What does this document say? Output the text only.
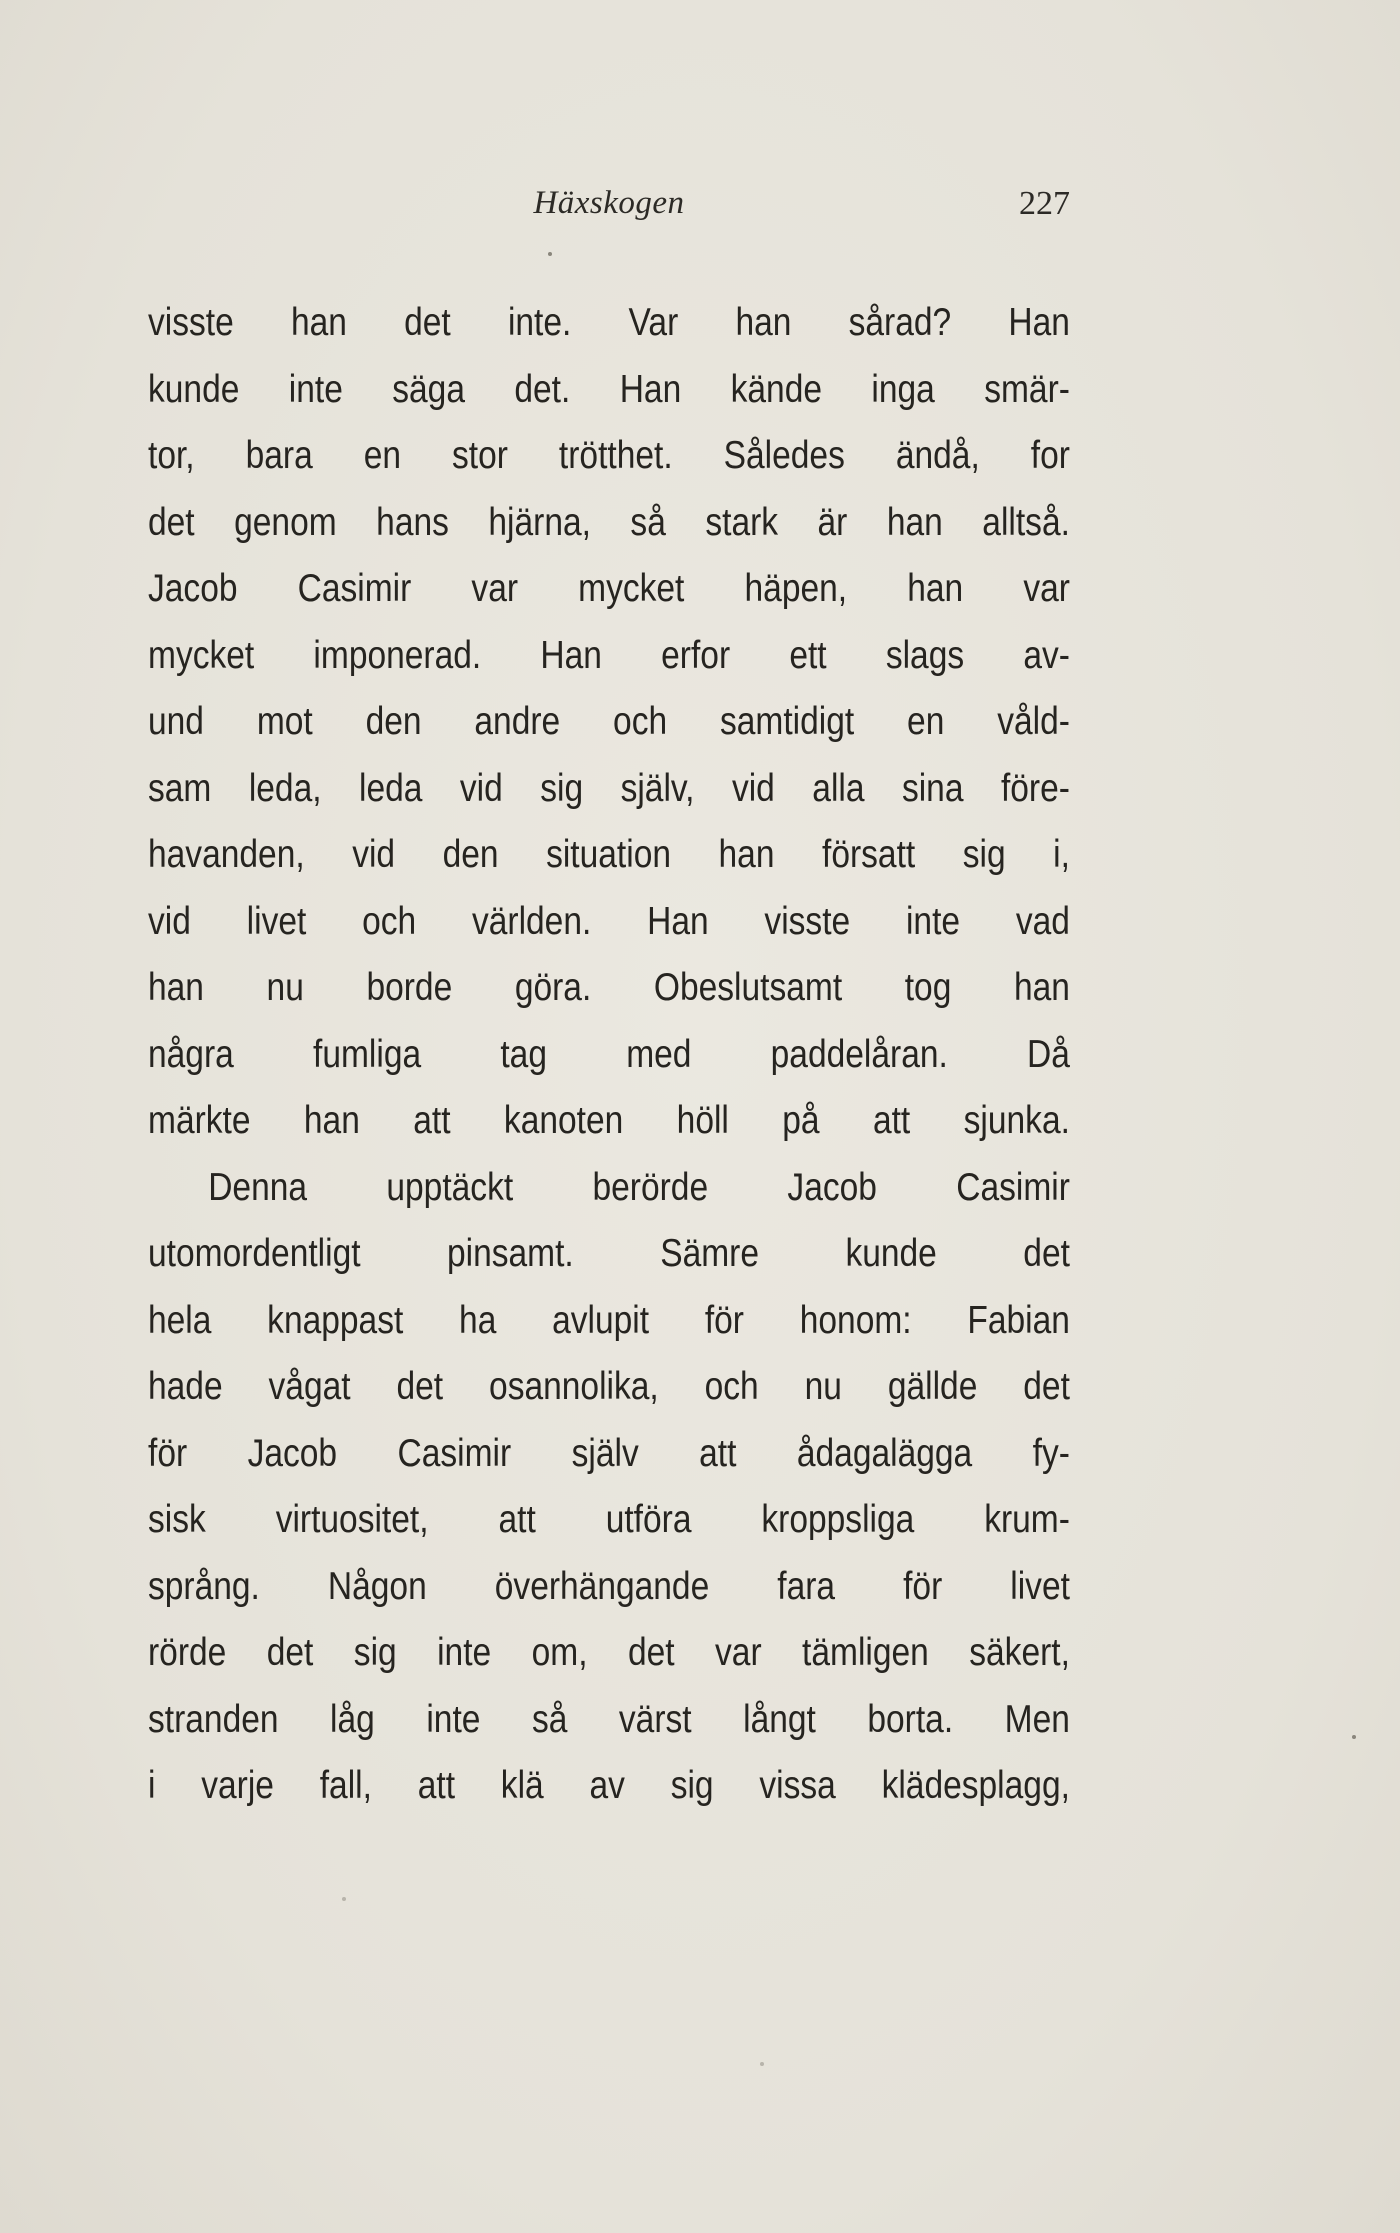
Häxskogen	227
visste han det inte. Var han sårad? Han
kunde inte säga det. Han kände inga smär-
tor, bara en stor trötthet. Således ändå, for
det genom hans hjärna, så stark är han alltså.
Jacob Casimir var mycket häpen, han var
mycket imponerad. Han erfor ett slags av-
und mot den andre och samtidigt en våld-
sam leda, leda vid sig själv, vid alla sina före-
havanden, vid den situation han försatt sig i,
vid livet och världen. Han visste inte vad
han nu borde göra. Obeslutsamt tog han
några fumliga tag med paddelåran. Då
märkte han att kanoten höll på att sjunka.
Denna upptäckt berörde Jacob Casimir
utomordentligt pinsamt. Sämre kunde det
hela knappast ha avlupit för honom: Fabian
hade vågat det osannolika, och nu gällde det
för Jacob Casimir själv att ådagalägga fy-
sisk virtuositet, att utföra kroppsliga krum-
språng. Någon överhängande fara för livet
rörde det sig inte om, det var tämligen säkert,
stranden låg inte så värst långt borta. Men
i varje fall, att klä av sig vissa klädesplagg,
